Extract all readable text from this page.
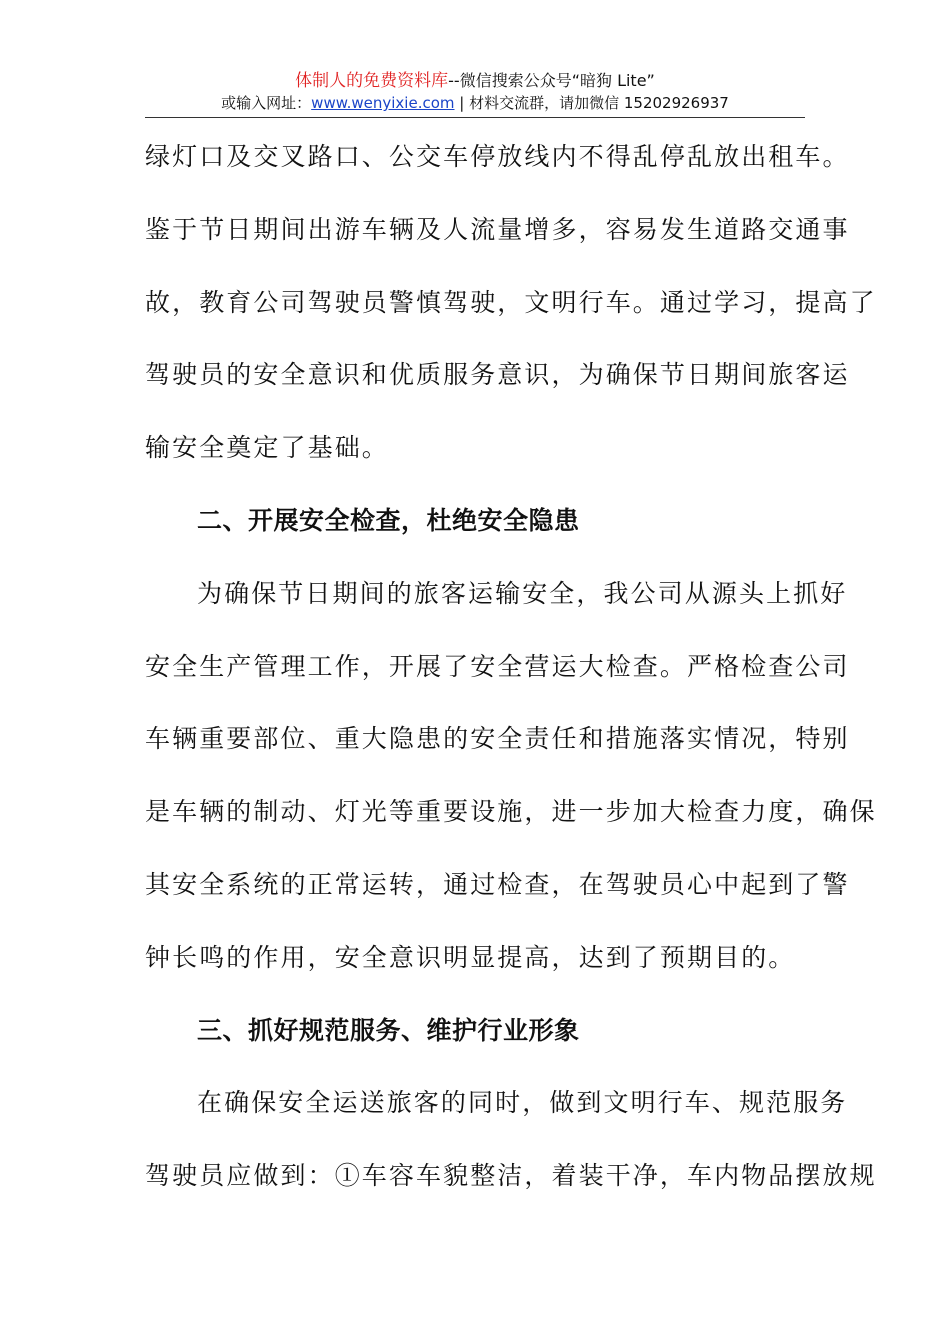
体制人的免费资料库--微信搜索公众号“暗狗 Lite”
或输入网址：www.wenyixie.com | 材料交流群，请加微信 15202926937
绿灯口及交叉路口、公交车停放线内不得乱停乱放出租车。
鉴于节日期间出游车辆及人流量增多，容易发生道路交通事
故，教育公司驾驶员警慎驾驶，文明行车。通过学习，提高了
驾驶员的安全意识和优质服务意识，为确保节日期间旅客运
输安全奠定了基础。
二、开展安全检查，杜绝安全隐患
为确保节日期间的旅客运输安全，我公司从源头上抓好
安全生产管理工作，开展了安全营运大检查。严格检查公司
车辆重要部位、重大隐患的安全责任和措施落实情况，特别
是车辆的制动、灯光等重要设施，进一步加大检查力度，确保
其安全系统的正常运转，通过检查，在驾驶员心中起到了警
钟长鸣的作用，安全意识明显提高，达到了预期目的。
三、抓好规范服务、维护行业形象
在确保安全运送旅客的同时，做到文明行车、规范服务
驾驶员应做到：①车容车貌整洁，着装干净，车内物品摆放规
